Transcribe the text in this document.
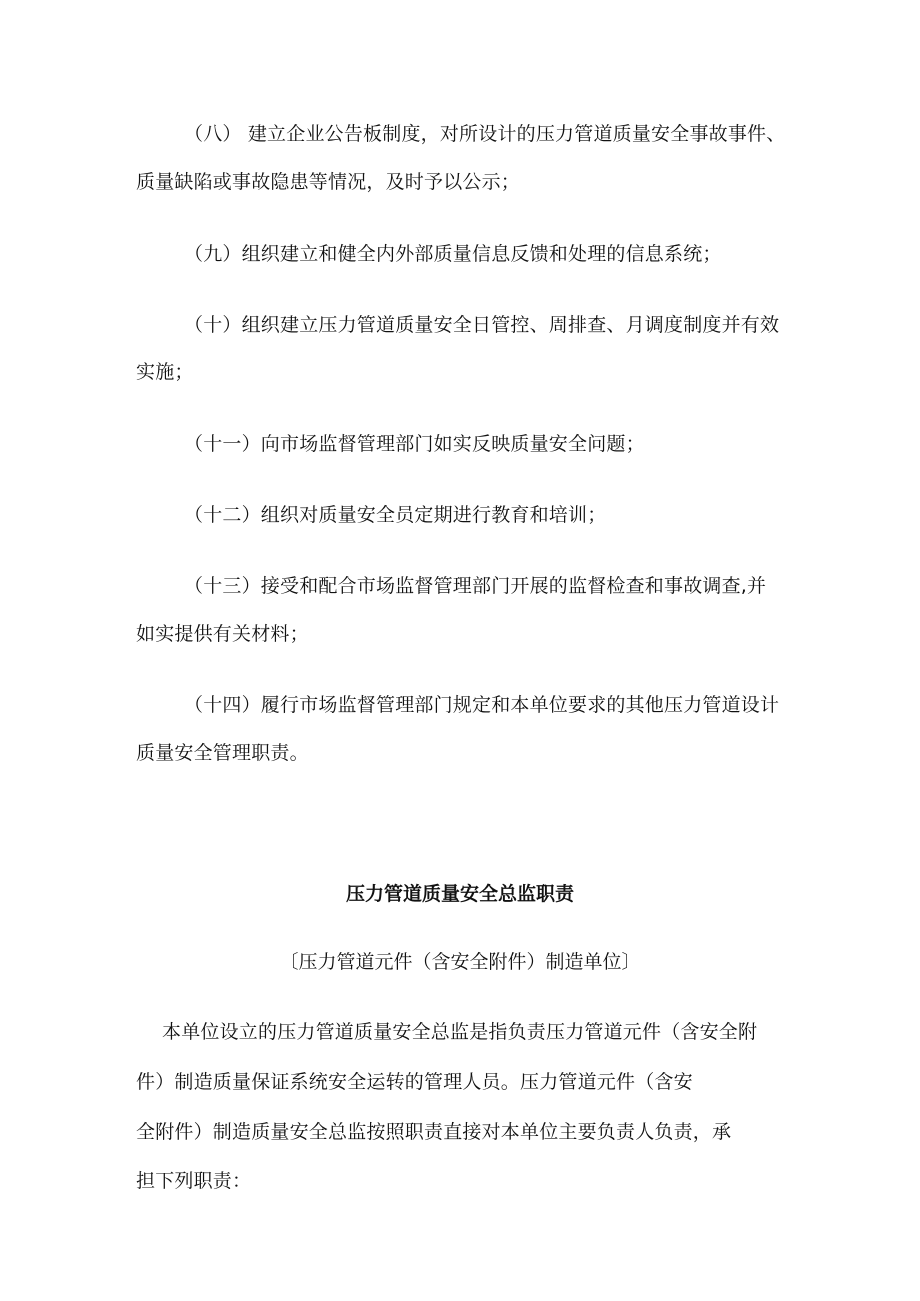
（八） 建立企业公告板制度，对所设计的压力管道质量安全事故事件、
质量缺陷或事故隐患等情况，及时予以公示；
（九）组织建立和健全内外部质量信息反馈和处理的信息系统；
（十）组织建立压力管道质量安全日管控、周排查、月调度制度并有效
实施；
（十一）向市场监督管理部门如实反映质量安全问题；
（十二）组织对质量安全员定期进行教育和培训；
（十三）接受和配合市场监督管理部门开展的监督检查和事故调查,并
如实提供有关材料；
（十四）履行市场监督管理部门规定和本单位要求的其他压力管道设计
质量安全管理职责。
压力管道质量安全总监职责
〔压力管道元件（含安全附件）制造单位〕
本单位设立的压力管道质量安全总监是指负责压力管道元件（含安全附
件）制造质量保证系统安全运转的管理人员。压力管道元件（含安
全附件）制造质量安全总监按照职责直接对本单位主要负责人负责，承
担下列职责：
